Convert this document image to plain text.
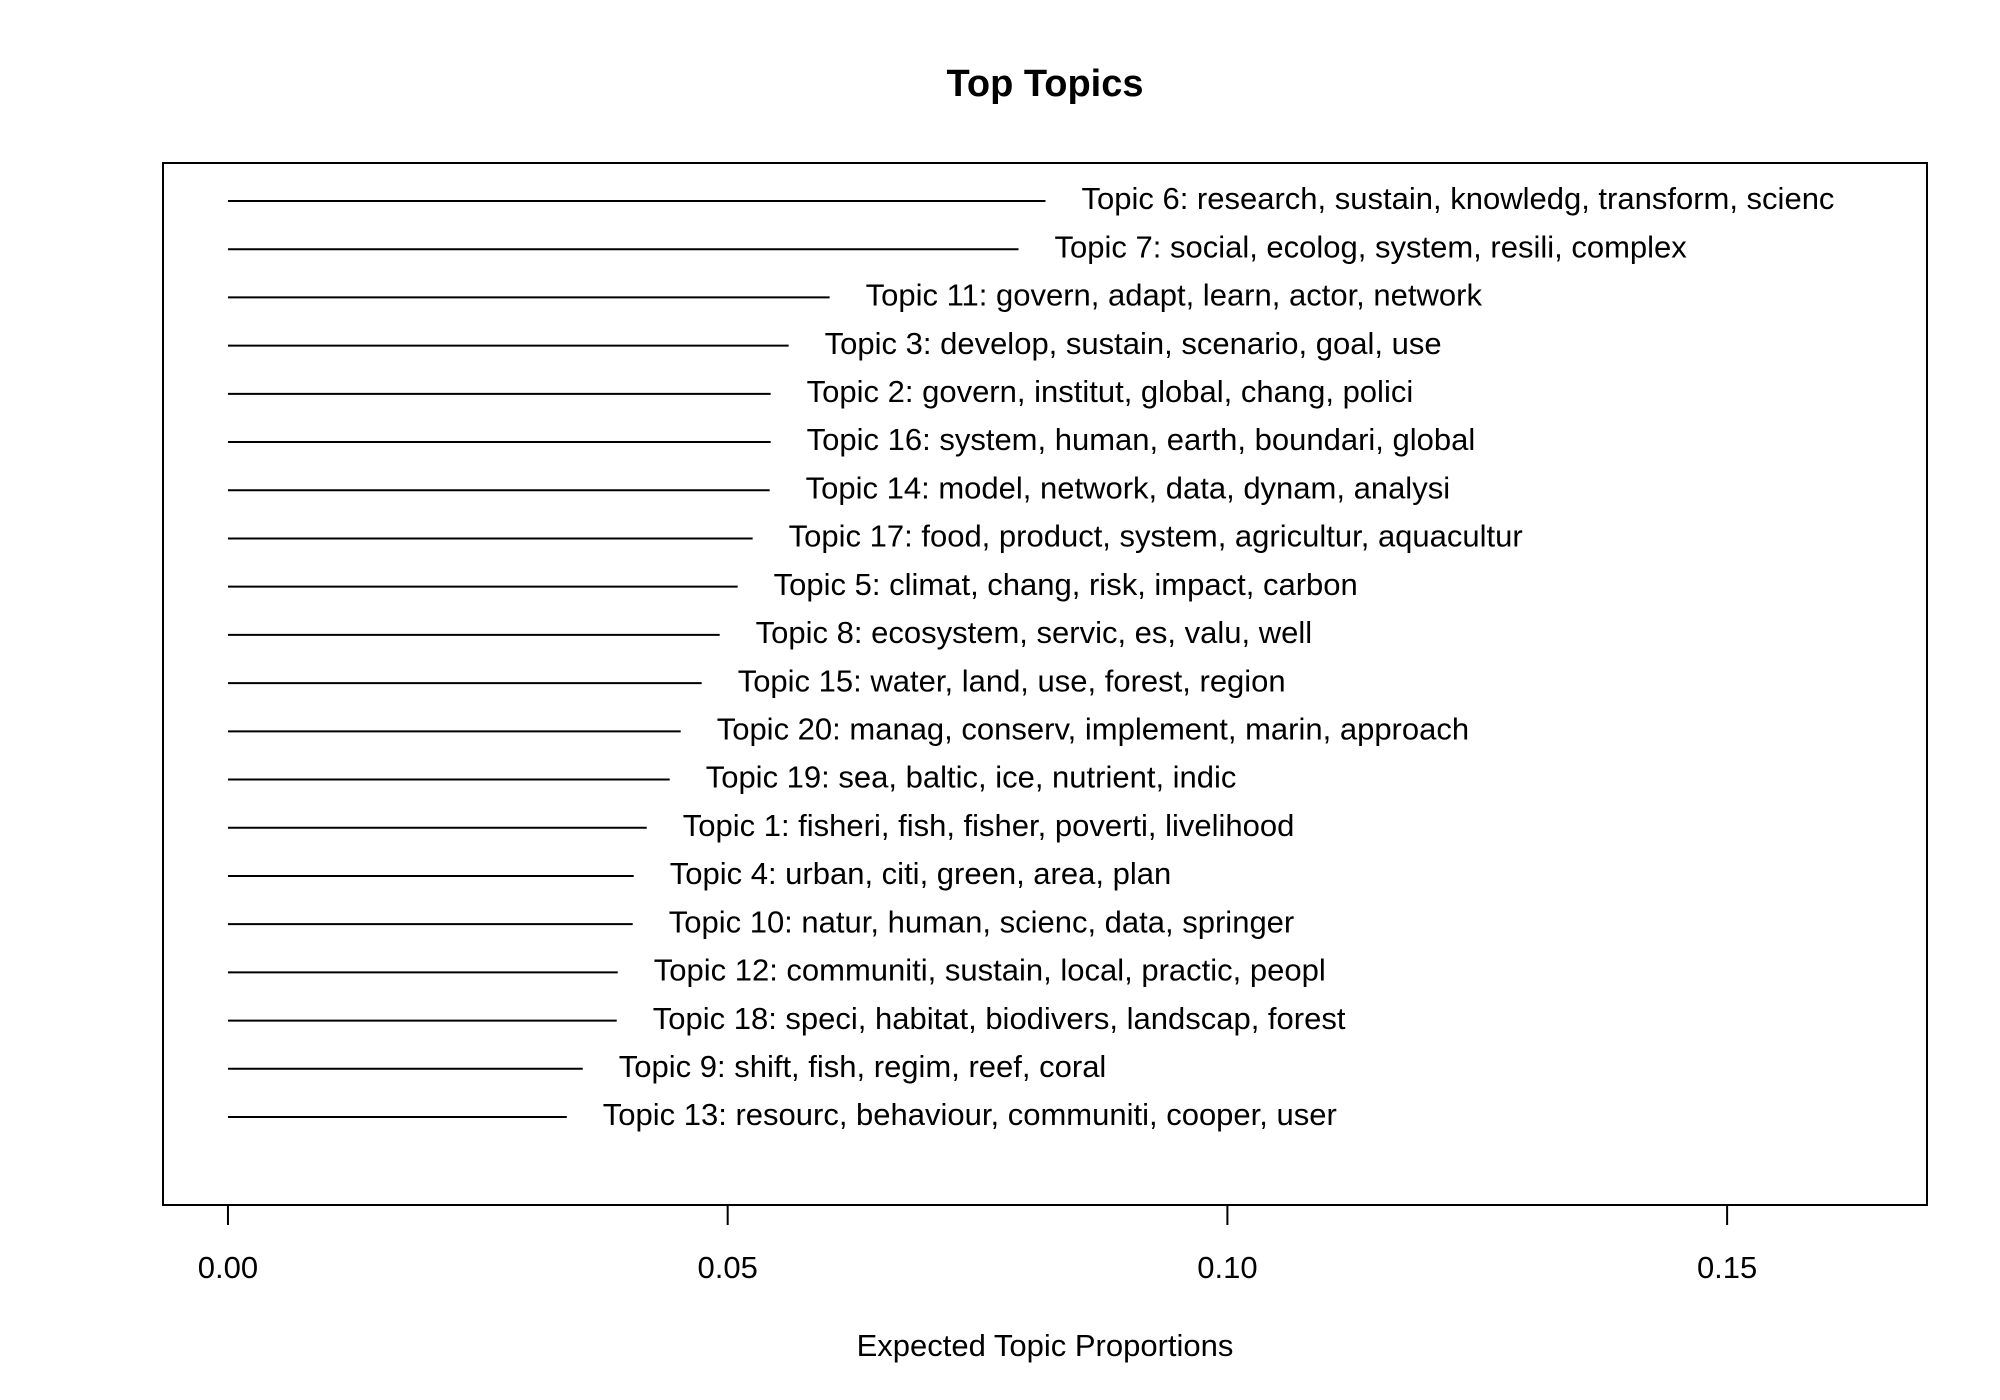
Top Topics
Topic 6: research, sustain, knowledg, transform, scienc
Topic 7: social, ecolog, system, resili, complex
Topic 11: govern, adapt, learn, actor, network
Topic 3: develop, sustain, scenario, goal, use
Topic 2: govern, institut, global, chang, polici
Topic 16: system, human, earth, boundari, global
Topic 14: model, network, data, dynam, analysi
Topic 17: food, product, system, agricultur, aquacultur
Topic 5: climat, chang, risk, impact, carbon
Topic 8: ecosystem, servic, es, valu, well
Topic 15: water, land, use, forest, region
Topic 20: manag, conserv, implement, marin, approach
Topic 19: sea, baltic, ice, nutrient, indic
Topic 1: fisheri, fish, fisher, poverti, livelihood
Topic 4: urban, citi, green, area, plan
Topic 10: natur, human, scienc, data, springer
Topic 12: communiti, sustain, local, practic, peopl
Topic 18: speci, habitat, biodivers, landscap, forest
Topic 9: shift, fish, regim, reef, coral
Topic 13: resourc, behaviour, communiti, cooper, user
0.00	0.05	0.10	0.15
Expected Topic Proportions
